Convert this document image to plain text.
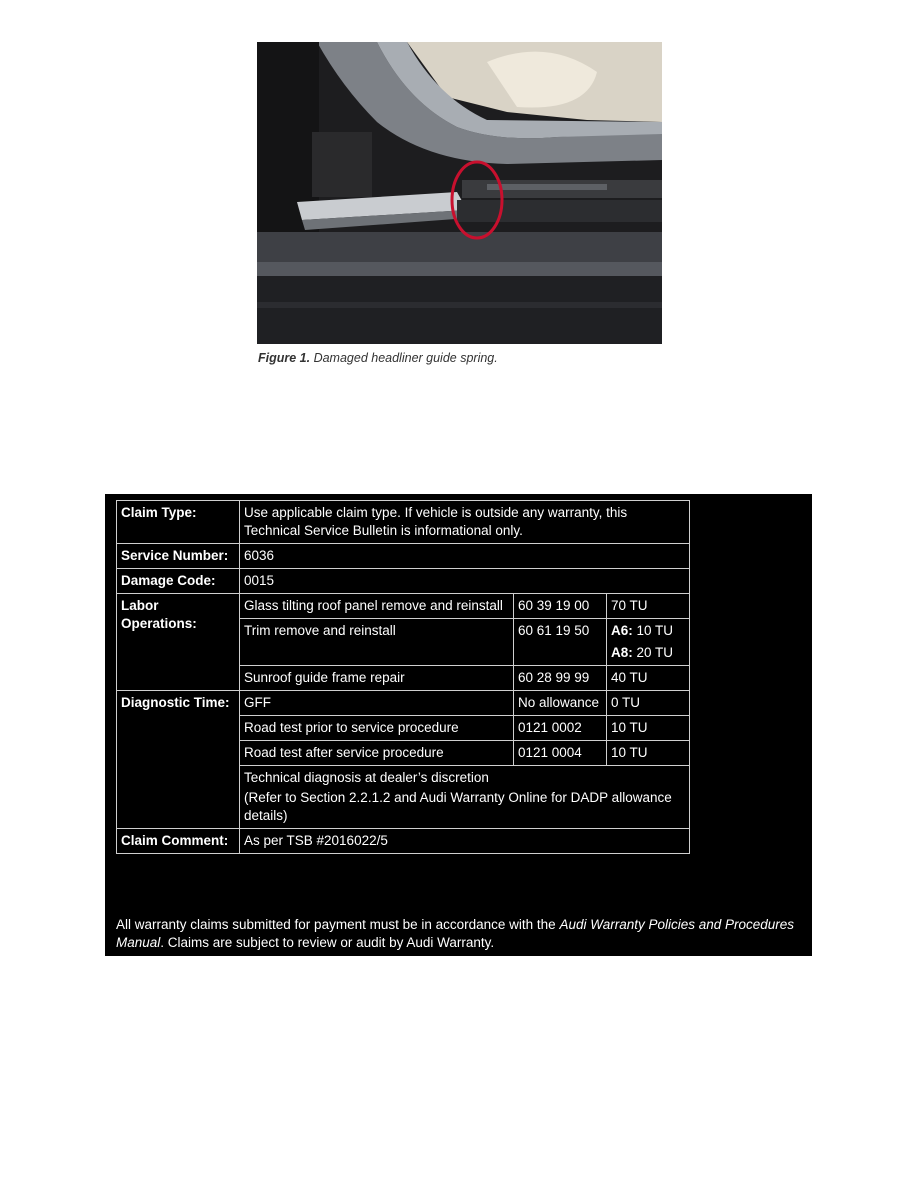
Figure 1. Damaged headliner guide spring.
Claim Type:	Use applicable claim type. If vehicle is outside any warranty, this Technical Service Bulletin is informational only.		
Service Number:	6036		
Damage Code:	0015		
Labor Operations:	Glass tilting roof panel remove and reinstall	60 39 19 00	70 TU
	Trim remove and reinstall	60 61 19 50	A6: 10 TU
A8: 20 TU

	Sunroof guide frame repair	60 28 99 99	40 TU
Diagnostic Time:	GFF	No allowance	0 TU
	Road test prior to service procedure	0121 0002	10 TU
	Road test after service procedure	0121 0004	10 TU

	Technical diagnosis at dealer’s discretion
(Refer to Section 2.2.1.2 and Audi Warranty Online for DADP allowance details)		

Claim Comment:	As per TSB #2016022/5		
All warranty claims submitted for payment must be in accordance with the Audi Warranty Policies and Procedures Manual. Claims are subject to review or audit by Audi Warranty.
